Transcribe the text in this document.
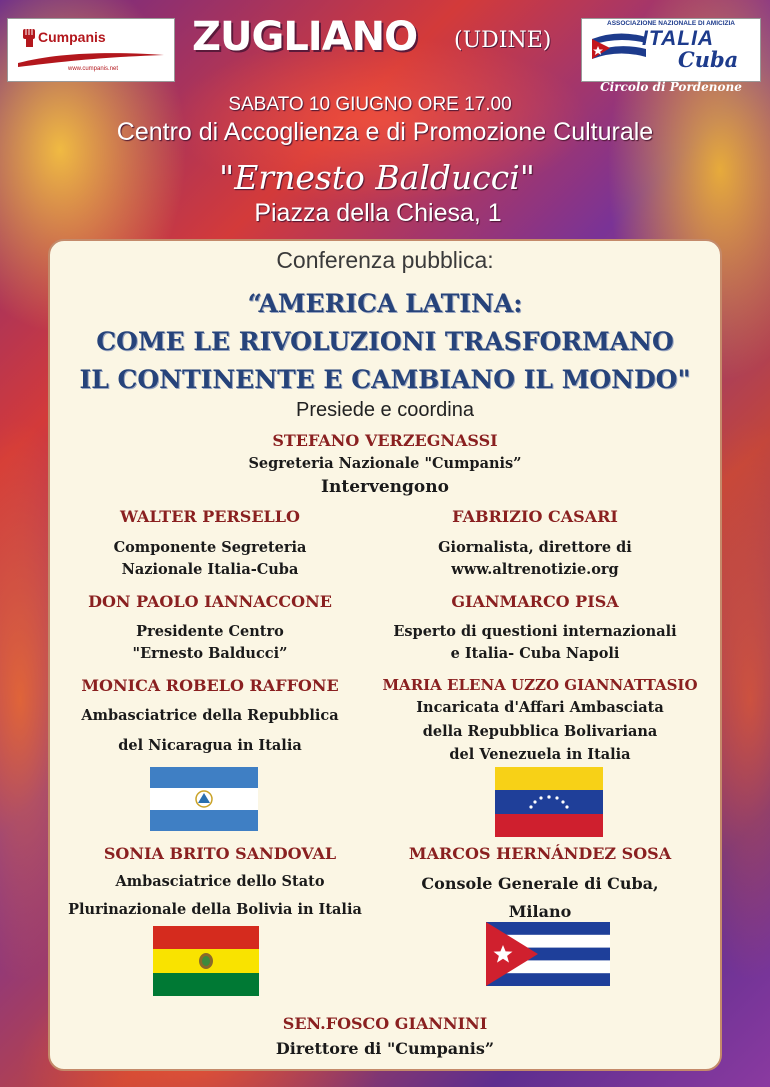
Cumpanis
www.cumpanis.net
ASSOCIAZIONE NAZIONALE DI AMICIZIA
ITALIA
Cuba
Circolo di Pordenone
ZUGLIANO (UDINE)
SABATO 10 GIUGNO ORE 17.00
Centro di Accoglienza e di Promozione Culturale
"Ernesto Balducci"
Piazza della Chiesa, 1
Conferenza pubblica:
“AMERICA LATINA:
COME LE RIVOLUZIONI TRASFORMANO
IL CONTINENTE E CAMBIANO IL MONDO"
Presiede e coordina
STEFANO VERZEGNASSI
Segreteria Nazionale "Cumpanis”
Intervengono
WALTER PERSELLO
Componente Segreteria
Nazionale Italia-Cuba
FABRIZIO CASARI
Giornalista, direttore di
www.altrenotizie.org
DON PAOLO IANNACCONE
Presidente Centro
"Ernesto Balducci”
GIANMARCO PISA
Esperto di questioni internazionali
e Italia- Cuba Napoli
MONICA ROBELO RAFFONE
Ambasciatrice della Repubblica
del Nicaragua in Italia
MARIA ELENA UZZO GIANNATTASIO
Incaricata d'Affari Ambasciata
della Repubblica Bolivariana
del Venezuela in Italia
SONIA BRITO SANDOVAL
Ambasciatrice dello Stato
Plurinazionale della Bolivia in Italia
MARCOS HERNÁNDEZ SOSA
Console Generale di Cuba,
Milano
SEN.FOSCO GIANNINI
Direttore di "Cumpanis”
